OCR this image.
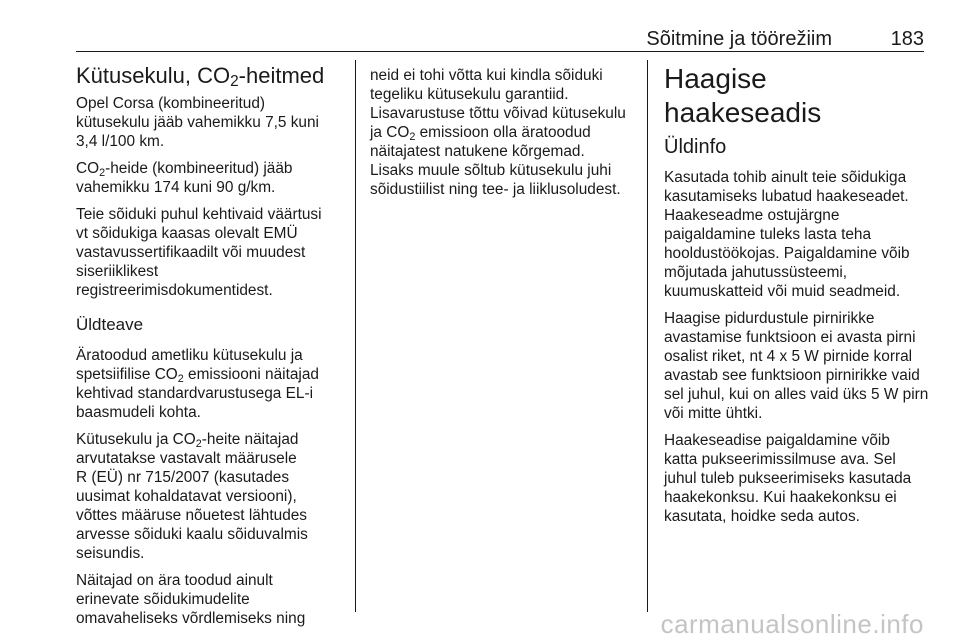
Sõitmine ja töörežiim	183
Kütusekulu, $CO_2$-heitmed

Opel Corsa (kombineeritud)
kütusekulu jääb vahemikku 7,5 kuni
3,4 l/100 km.

$CO_2$-heide (kombineeritud) jääb
vahemikku 174 kuni 90 g/km.

Teie sõiduki puhul kehtivaid väärtusi
vt sõidukiga kaasas olevalt EMÜ
vastavussertifikaadilt või muudest
siseriiklikest
registreerimisdokumentidest.

Üldteave

Äratoodud ametliku kütusekulu ja
spetsiifilise $CO_2$ emissiooni näitajad
kehtivad standardvarustusega EL-i
baasmudeli kohta.

Kütusekulu ja $CO_2$-heite näitajad
arvutatakse vastavalt määrusele
R (EÜ) nr 715/2007 (kasutades
uusimat kohaldatavat versiooni),
võttes määruse nõuetest lähtudes
arvesse sõiduki kaalu sõiduvalmis
seisundis.

Näitajad on ära toodud ainult
erinevate sõidukimudelite
omavaheliseks võrdlemiseks ning

neid ei tohi võtta kui kindla sõiduki
tegeliku kütusekulu garantiid.
Lisavarustuse tõttu võivad kütusekulu
ja $CO_2$ emissioon olla äratoodud
näitajatest natukene kõrgemad.
Lisaks muule sõltub kütusekulu juhi
sõidustiilist ning tee- ja liiklusoludest.

Haagise haakeseadis
Üldinfo

Kasutada tohib ainult teie sõidukiga
kasutamiseks lubatud haakeseadet.
Haakeseadme ostujärgne
paigaldamine tuleks lasta teha
hooldustöökojas. Paigaldamine võib
mõjutada jahutussüsteemi,
kuumuskatteid või muid seadmeid.

Haagise pidurdustule pirnirikke
avastamise funktsioon ei avasta pirni
osalist riket, nt 4 x 5 W pirnide korral
avastab see funktsioon pirnirikke vaid
sel juhul, kui on alles vaid üks 5 W pirn
või mitte ühtki.

Haakeseadise paigaldamine võib
katta pukseerimissilmuse ava. Sel
juhul tuleb pukseerimiseks kasutada
haakekonksu. Kui haakekonksu ei
kasutata, hoidke seda autos.

carmanualsonline.info
